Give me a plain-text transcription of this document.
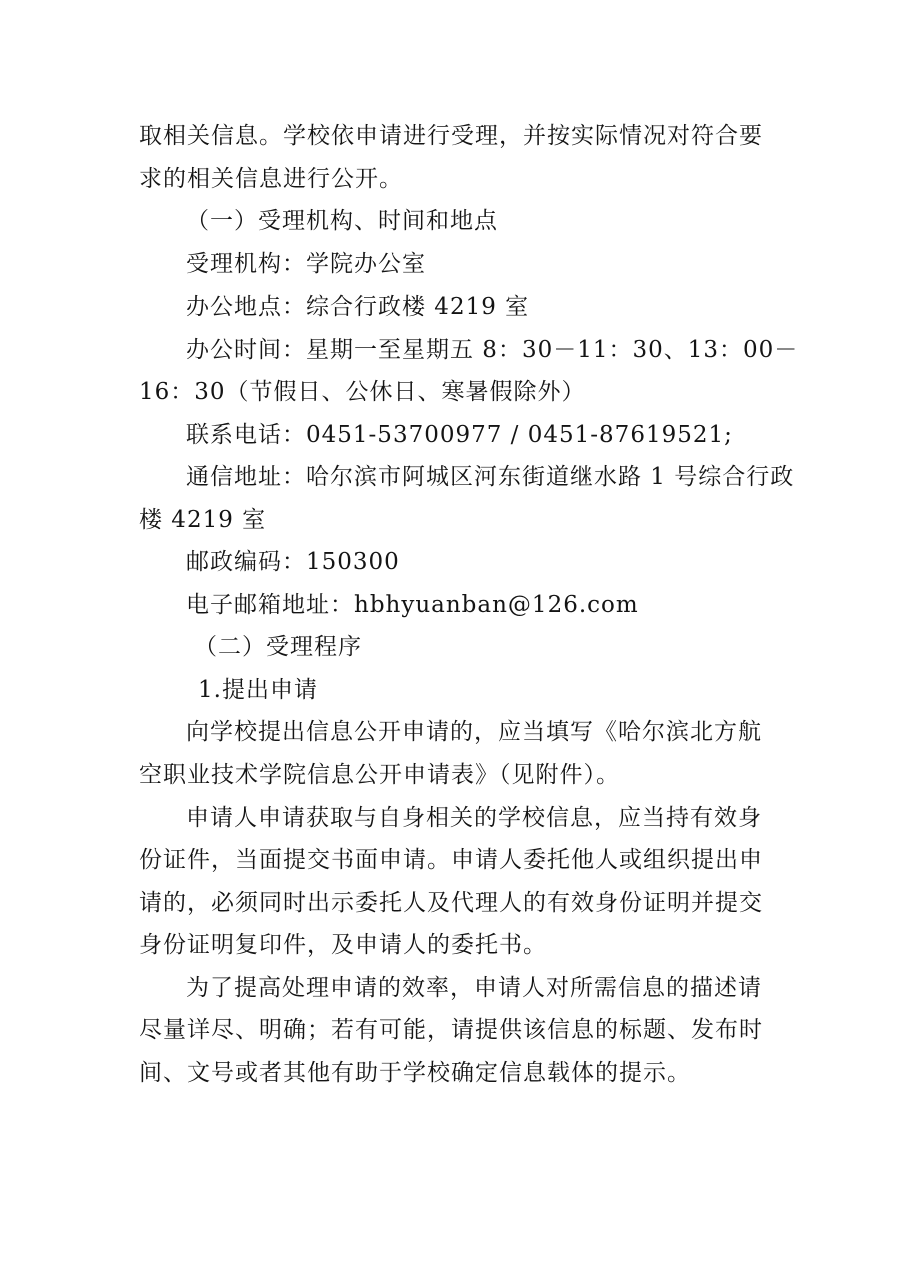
取相关信息。学校依申请进行受理，并按实际情况对符合要
求的相关信息进行公开。
（一）受理机构、时间和地点
受理机构：学院办公室
办公地点：综合行政楼 4219 室
办公时间：星期一至星期五 8：30－11：30、13：00－
16：30（节假日、公休日、寒暑假除外）
联系电话：0451-53700977 / 0451-87619521;
通信地址：哈尔滨市阿城区河东街道继水路 1 号综合行政
楼 4219 室
邮政编码：150300
电子邮箱地址：hbhyuanban@126.com
（二）受理程序
1.提出申请
向学校提出信息公开申请的，应当填写《哈尔滨北方航
空职业技术学院信息公开申请表》（见附件）。
申请人申请获取与自身相关的学校信息，应当持有效身
份证件，当面提交书面申请。申请人委托他人或组织提出申
请的，必须同时出示委托人及代理人的有效身份证明并提交
身份证明复印件，及申请人的委托书。
为了提高处理申请的效率，申请人对所需信息的描述请
尽量详尽、明确；若有可能，请提供该信息的标题、发布时
间、文号或者其他有助于学校确定信息载体的提示。
